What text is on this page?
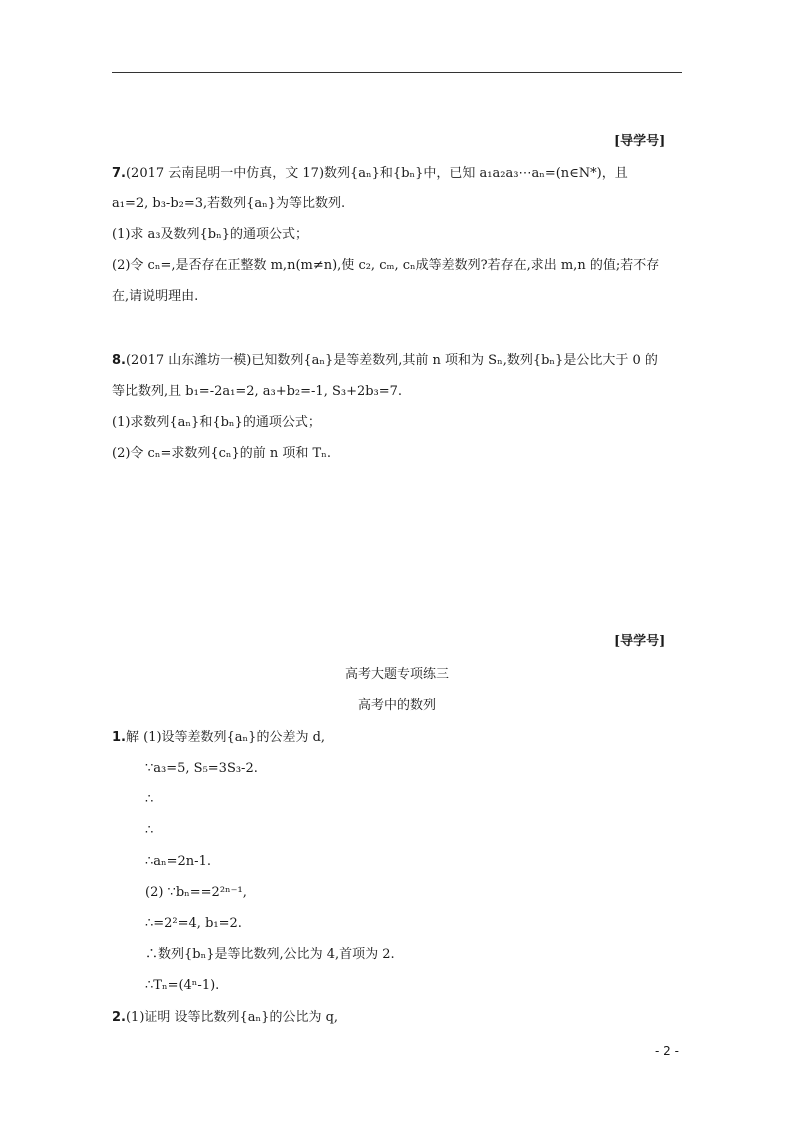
[导学号]
7.(2017 云南昆明一中仿真，文 17)数列{aₙ}和{bₙ}中，已知 a₁a₂a₃⋯aₙ=(n∈N*)，且
a₁=2, b₃-b₂=3,若数列{aₙ}为等比数列.
(1)求 a₃及数列{bₙ}的通项公式；
(2)令 cₙ=,是否存在正整数 m,n(m≠n),使 c₂, cₘ, cₙ成等差数列?若存在,求出 m,n 的值;若不存
在,请说明理由.
8.(2017 山东潍坊一模)已知数列{aₙ}是等差数列,其前 n 项和为 Sₙ,数列{bₙ}是公比大于 0 的
等比数列,且 b₁=-2a₁=2, a₃+b₂=-1, S₃+2b₃=7.
(1)求数列{aₙ}和{bₙ}的通项公式；
(2)令 cₙ=求数列{cₙ}的前 n 项和 Tₙ.
[导学号]
高考大题专项练三
高考中的数列
1.解 (1)设等差数列{aₙ}的公差为 d,
∵a₃=5, S₅=3S₃-2.
∴
∴
∴aₙ=2n-1.
(2) ∵bₙ==2²ⁿ⁻¹,
∴=2²=4, b₁=2.
∴数列{bₙ}是等比数列,公比为 4,首项为 2.
∴Tₙ=(4ⁿ-1).
2.(1)证明 设等比数列{aₙ}的公比为 q,
- 2 -
